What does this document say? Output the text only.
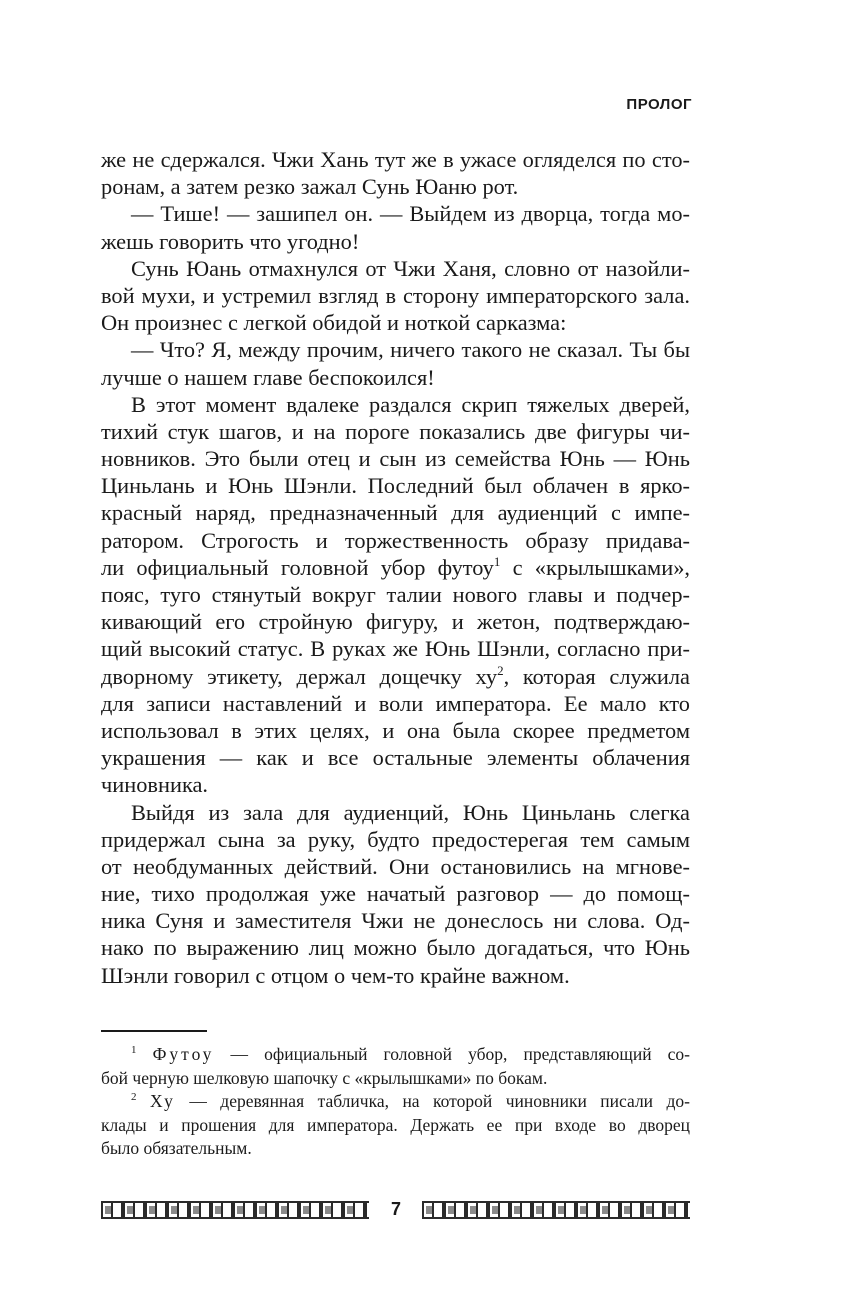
ПРОЛОГ
же не сдержался. Чжи Хань тут же в ужасе огляделся по сто-
ронам, а затем резко зажал Сунь Юаню рот.
— Тише! — зашипел он. — Выйдем из дворца, тогда мо-
жешь говорить что угодно!
Сунь Юань отмахнулся от Чжи Ханя, словно от назойли-
вой мухи, и устремил взгляд в сторону императорского зала.
Он произнес с легкой обидой и ноткой сарказма:
— Что? Я, между прочим, ничего такого не сказал. Ты бы
лучше о нашем главе беспокоился!
В этот момент вдалеке раздался скрип тяжелых дверей,
тихий стук шагов, и на пороге показались две фигуры чи-
новников. Это были отец и сын из семейства Юнь — Юнь
Циньлань и Юнь Шэнли. Последний был облачен в ярко-
красный наряд, предназначенный для аудиенций с импе-
ратором. Строгость и торжественность образу придава-
ли официальный головной убор футоу$^1$ с «крылышками»,
пояс, туго стянутый вокруг талии нового главы и подчер-
кивающий его стройную фигуру, и жетон, подтверждаю-
щий высокий статус. В руках же Юнь Шэнли, согласно при-
дворному этикету, держал дощечку $ху^2$, которая служила
для записи наставлений и воли императора. Ее мало кто
использовал в этих целях, и она была скорее предметом
украшения — как и все остальные элементы облачения
чиновника.
Выйдя из зала для аудиенций, Юнь Циньлань слегка
придержал сына за руку, будто предостерегая тем самым
от необдуманных действий. Они остановились на мгнове-
ние, тихо продолжая уже начатый разговор — до помощ-
ника Суня и заместителя Чжи не донеслось ни слова. Од-
нако по выражению лиц можно было догадаться, что Юнь
Шэнли говорил с отцом о чем-то крайне важном.
$^1$ Футоу — официальный головной убор, представляющий со-
бой черную шелковую шапочку с «крылышками» по бокам.
$^2$ Ху — деревянная табличка, на которой чиновники писали до-
клады и прошения для императора. Держать ее при входе во дворец
было обязательным.
7
